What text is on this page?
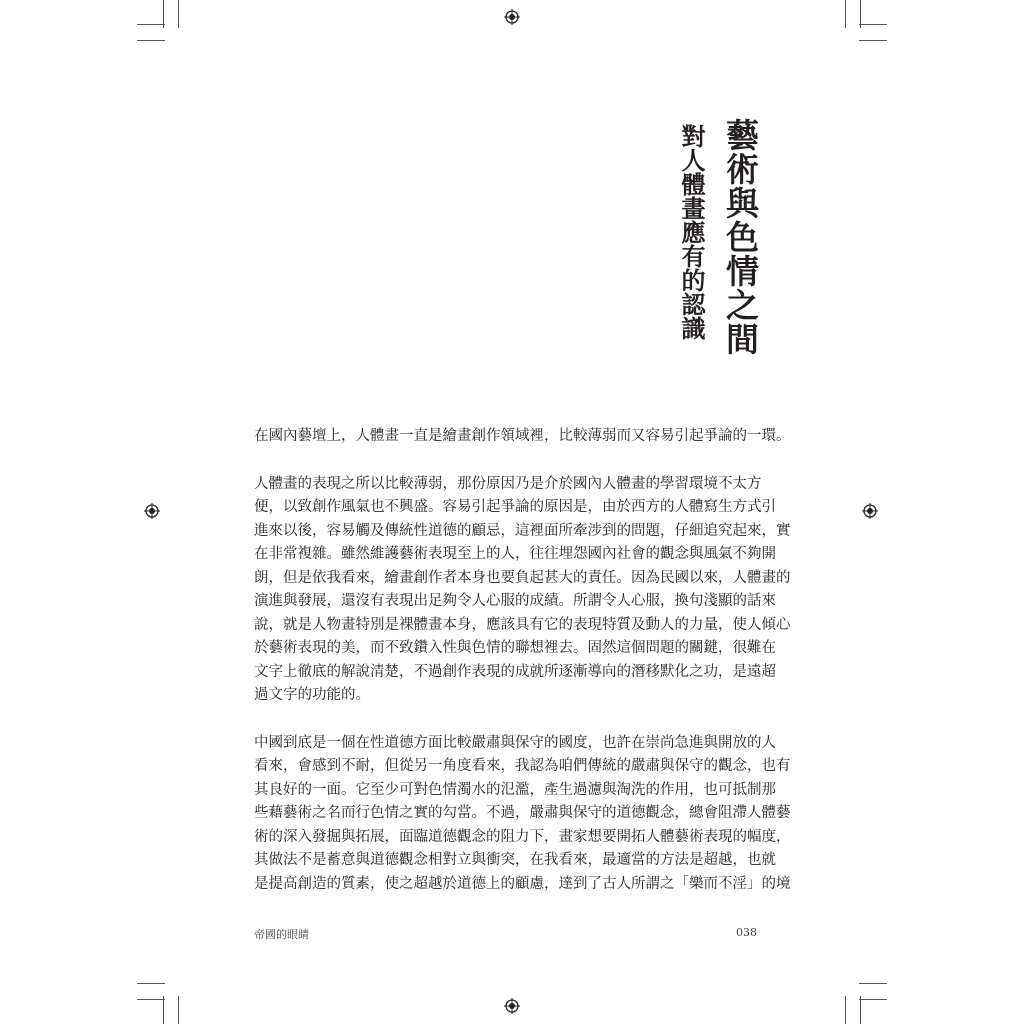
藝術與色情之間
對人體畫應有的認識
在國內藝壇上，人體畫一直是繪畫創作領域裡，比較薄弱而又容易引起爭論的一環。
人體畫的表現之所以比較薄弱，那份原因乃是介於國內人體畫的學習環境不太方
便，以致創作風氣也不興盛。容易引起爭論的原因是，由於西方的人體寫生方式引
進來以後，容易觸及傳統性道德的顧忌，這裡面所牽涉到的問題，仔細追究起來，實
在非常複雜。雖然維護藝術表現至上的人，往往埋怨國內社會的觀念與風氣不夠開
朗，但是依我看來，繪畫創作者本身也要負起甚大的責任。因為民國以來，人體畫的
演進與發展，還沒有表現出足夠令人心服的成績。所謂令人心服，換句淺顯的話來
說，就是人物畫特別是裸體畫本身，應該具有它的表現特質及動人的力量，使人傾心
於藝術表現的美，而不致鑽入性與色情的聯想裡去。固然這個問題的關鍵，很難在
文字上徹底的解說清楚，不過創作表現的成就所逐漸導向的潛移默化之功，是遠超
過文字的功能的。
中國到底是一個在性道德方面比較嚴肅與保守的國度，也許在崇尚急進與開放的人
看來，會感到不耐，但從另一角度看來，我認為咱們傳統的嚴肅與保守的觀念，也有
其良好的一面。它至少可對色情濁水的氾濫，產生過濾與淘洗的作用，也可抵制那
些藉藝術之名而行色情之實的勾當。不過，嚴肅與保守的道德觀念，總會阻滯人體藝
術的深入發掘與拓展，面臨道德觀念的阻力下，畫家想要開拓人體藝術表現的幅度，
其做法不是蓄意與道德觀念相對立與衝突，在我看來，最適當的方法是超越，也就
是提高創造的質素，使之超越於道德上的顧慮，達到了古人所謂之「樂而不淫」的境
帝國的眼睛	038
